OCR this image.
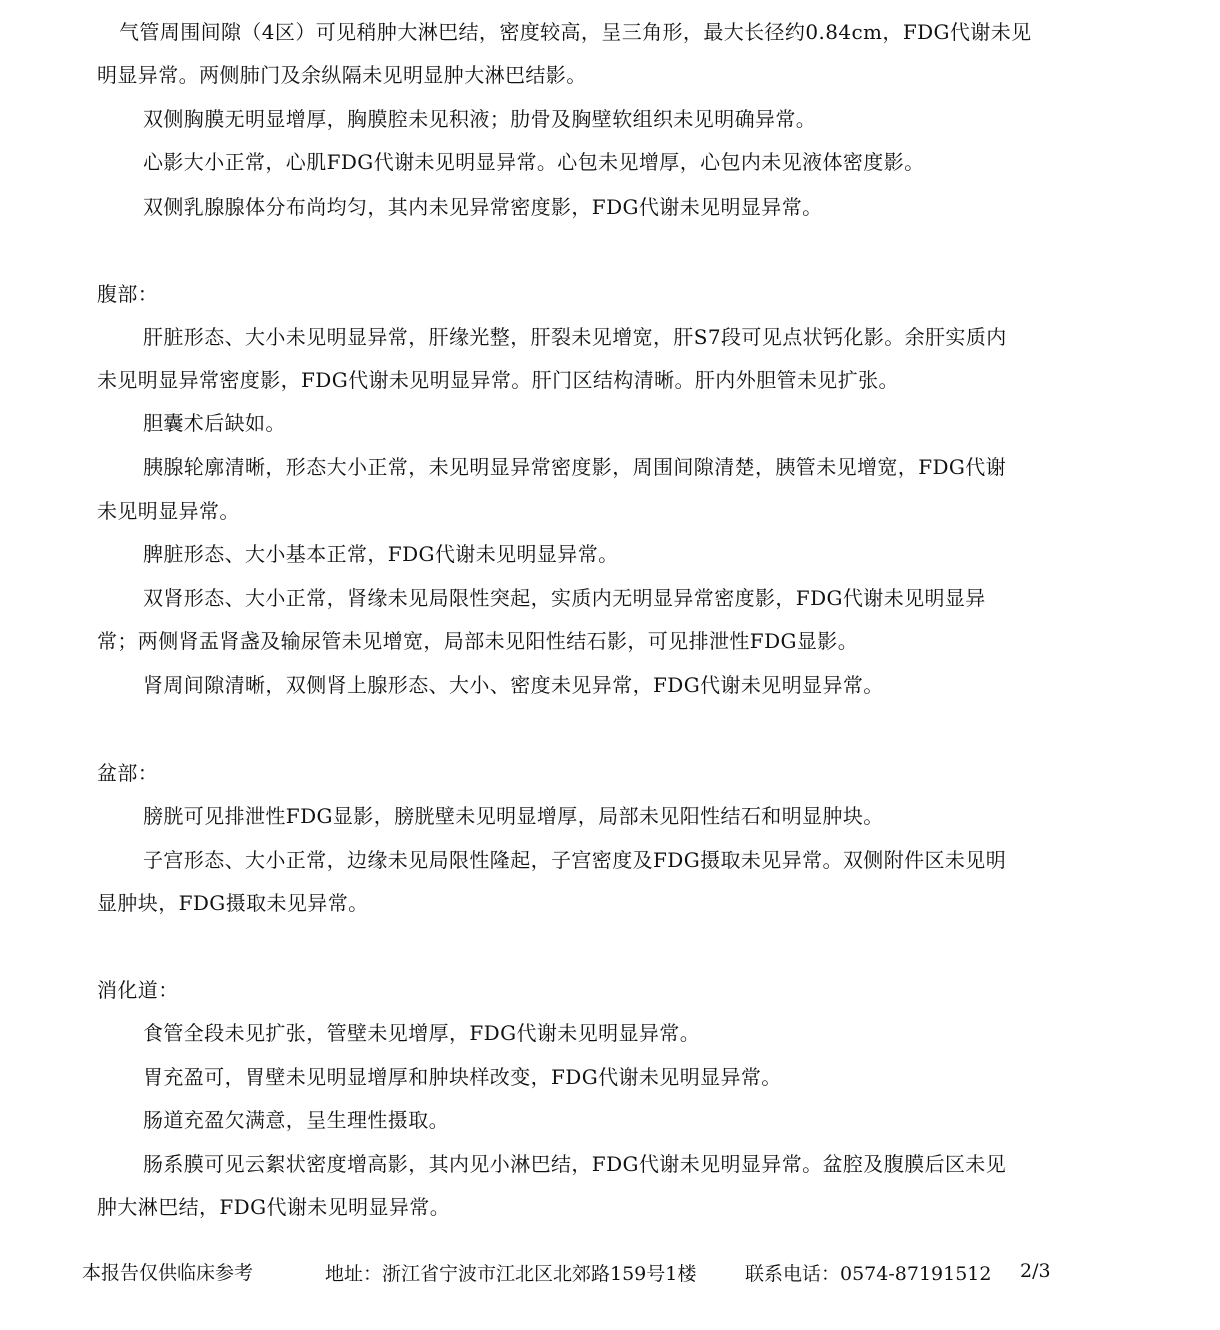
气管周围间隙（4区）可见稍肿大淋巴结，密度较高，呈三角形，最大长径约0.84cm，FDG代谢未见
明显异常。两侧肺门及余纵隔未见明显肿大淋巴结影。
双侧胸膜无明显增厚，胸膜腔未见积液；肋骨及胸壁软组织未见明确异常。
心影大小正常，心肌FDG代谢未见明显异常。心包未见增厚，心包内未见液体密度影。
双侧乳腺腺体分布尚均匀，其内未见异常密度影，FDG代谢未见明显异常。
腹部：
肝脏形态、大小未见明显异常，肝缘光整，肝裂未见增宽，肝S7段可见点状钙化影。余肝实质内
未见明显异常密度影，FDG代谢未见明显异常。肝门区结构清晰。肝内外胆管未见扩张。
胆囊术后缺如。
胰腺轮廓清晰，形态大小正常，未见明显异常密度影，周围间隙清楚，胰管未见增宽，FDG代谢
未见明显异常。
脾脏形态、大小基本正常，FDG代谢未见明显异常。
双肾形态、大小正常，肾缘未见局限性突起，实质内无明显异常密度影，FDG代谢未见明显异
常；两侧肾盂肾盏及输尿管未见增宽，局部未见阳性结石影，可见排泄性FDG显影。
肾周间隙清晰，双侧肾上腺形态、大小、密度未见异常，FDG代谢未见明显异常。
盆部：
膀胱可见排泄性FDG显影，膀胱壁未见明显增厚，局部未见阳性结石和明显肿块。
子宫形态、大小正常，边缘未见局限性隆起，子宫密度及FDG摄取未见异常。双侧附件区未见明
显肿块，FDG摄取未见异常。
消化道：
食管全段未见扩张，管壁未见增厚，FDG代谢未见明显异常。
胃充盈可，胃壁未见明显增厚和肿块样改变，FDG代谢未见明显异常。
肠道充盈欠满意，呈生理性摄取。
肠系膜可见云絮状密度增高影，其内见小淋巴结，FDG代谢未见明显异常。盆腔及腹膜后区未见
肿大淋巴结，FDG代谢未见明显异常。
本报告仅供临床参考	地址：浙江省宁波市江北区北郊路159号1楼	联系电话：0574-87191512 2/3
